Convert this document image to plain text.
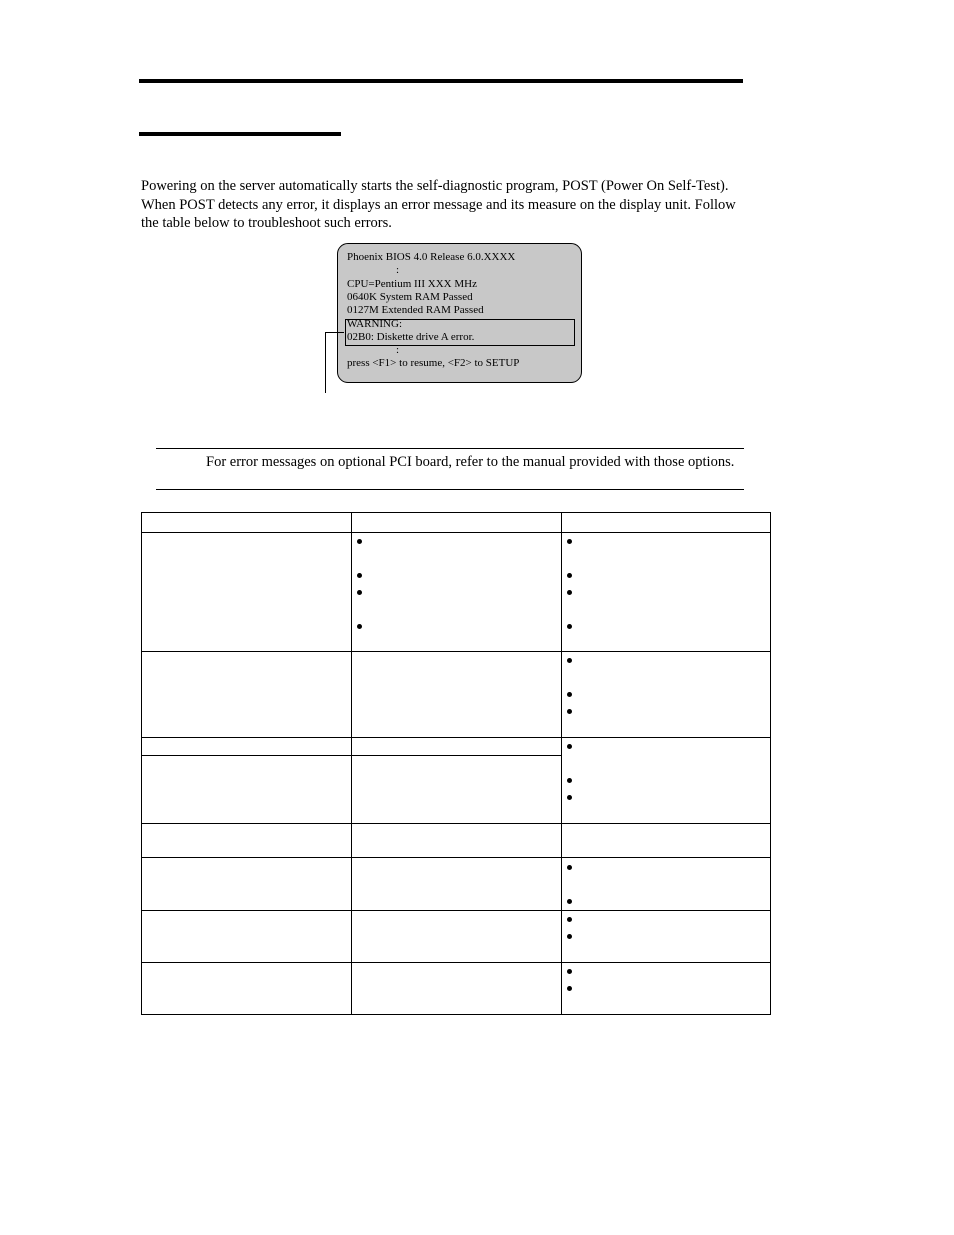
Powering on the server automatically starts the self-diagnostic program, POST (Power On Self-Test). When POST detects any error, it displays an error message and its measure on the display unit. Follow the table below to troubleshoot such errors.

Phoenix BIOS 4.0 Release 6.0.XXXX
:
CPU=Pentium III XXX MHz
0640K System RAM Passed
0127M Extended RAM Passed
WARNING:
02B0: Diskette drive A error.
:
press <F1> to resume, <F2> to SETUP

For error messages on optional PCI board, refer to the manual provided with those options.
